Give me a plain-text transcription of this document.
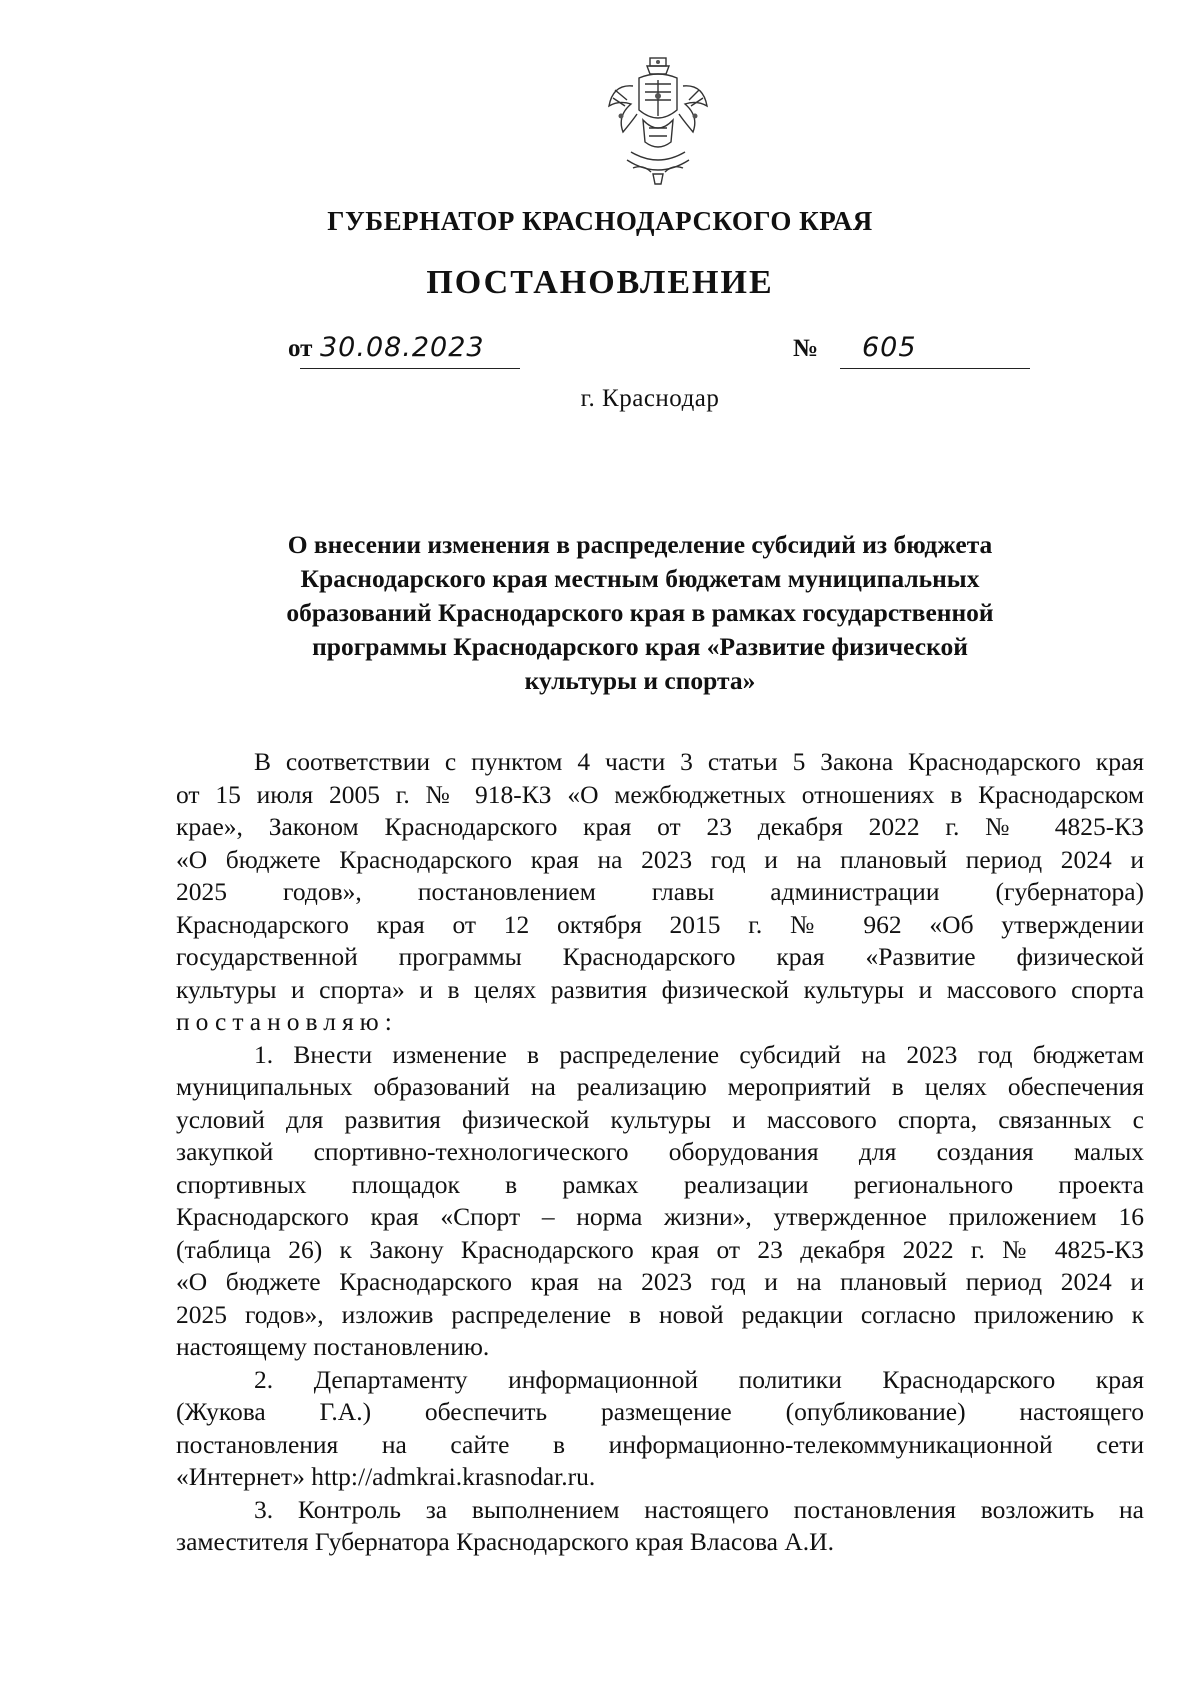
ГУБЕРНАТОР КРАСНОДАРСКОГО КРАЯ
ПОСТАНОВЛЕНИЕ
от 30.08.2023	№ 605
г. Краснодар
О внесении изменения в распределение субсидий из бюджета
Краснодарского края местным бюджетам муниципальных
образований Краснодарского края в рамках государственной
программы Краснодарского края «Развитие физической
культуры и спорта»
В соответствии с пунктом 4 части 3 статьи 5 Закона Краснодарского края
от 15 июля 2005 г. № 918-КЗ «О межбюджетных отношениях в Краснодарском
крае», Законом Краснодарского края от 23 декабря 2022 г. № 4825-КЗ
«О бюджете Краснодарского края на 2023 год и на плановый период 2024 и
2025 годов», постановлением главы администрации (губернатора)
Краснодарского края от 12 октября 2015 г. № 962 «Об утверждении
государственной программы Краснодарского края «Развитие физической
культуры и спорта» и в целях развития физической культуры и массового спорта
постановляю:
1. Внести изменение в распределение субсидий на 2023 год бюджетам
муниципальных образований на реализацию мероприятий в целях обеспечения
условий для развития физической культуры и массового спорта, связанных с
закупкой спортивно-технологического оборудования для создания малых
спортивных площадок в рамках реализации регионального проекта
Краснодарского края «Спорт – норма жизни», утвержденное приложением 16
(таблица 26) к Закону Краснодарского края от 23 декабря 2022 г. № 4825-КЗ
«О бюджете Краснодарского края на 2023 год и на плановый период 2024 и
2025 годов», изложив распределение в новой редакции согласно приложению к
настоящему постановлению.
2. Департаменту информационной политики Краснодарского края
(Жукова Г.А.) обеспечить размещение (опубликование) настоящего
постановления на сайте в информационно-телекоммуникационной сети
«Интернет» http://admkrai.krasnodar.ru.
3. Контроль за выполнением настоящего постановления возложить на
заместителя Губернатора Краснодарского края Власова А.И.
